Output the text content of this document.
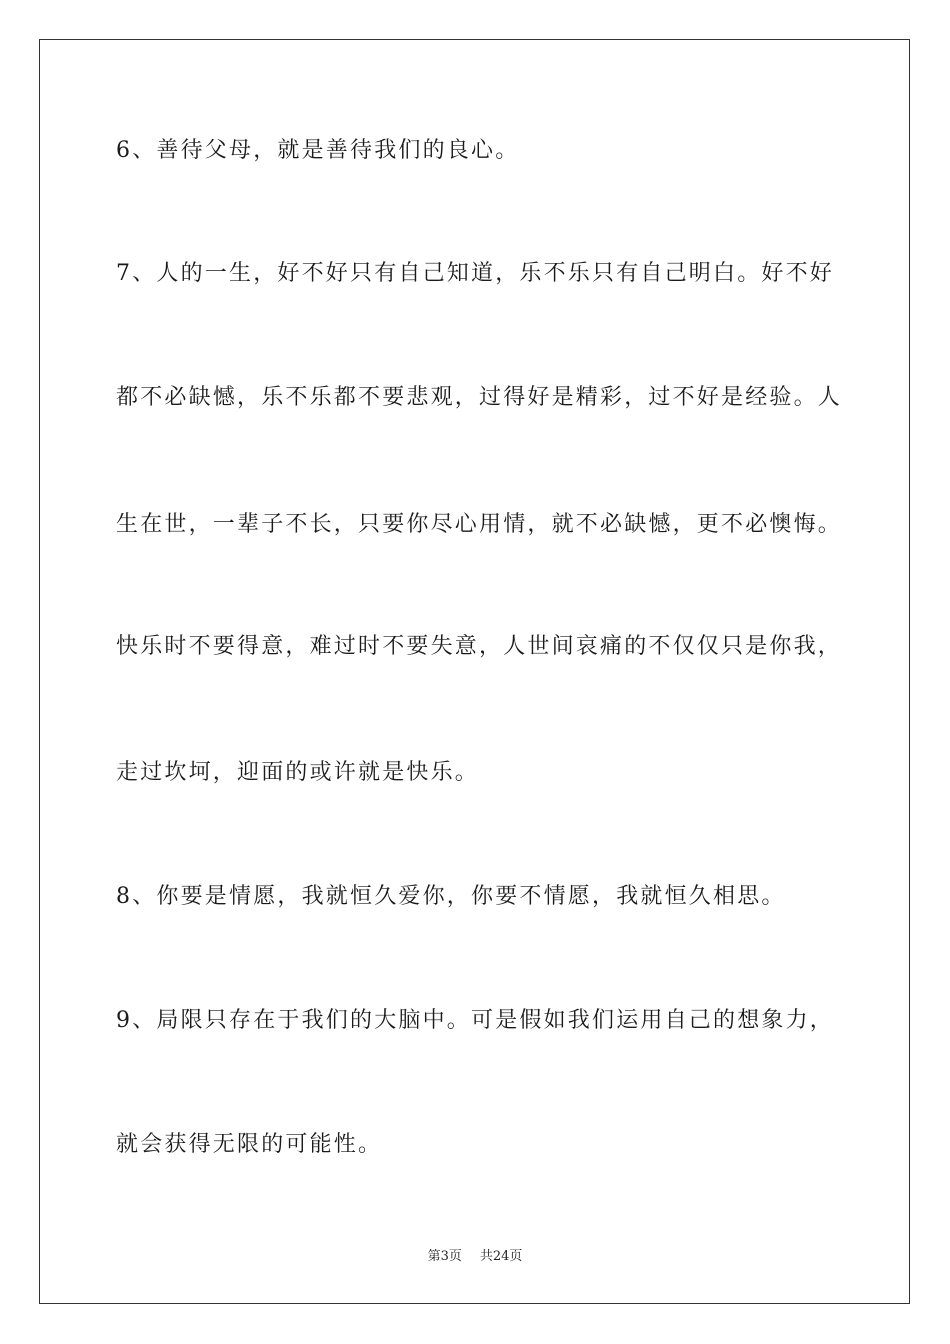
6、善待父母，就是善待我们的良心。
7、人的一生，好不好只有自己知道，乐不乐只有自己明白。好不好
都不必缺憾，乐不乐都不要悲观，过得好是精彩，过不好是经验。人
生在世，一辈子不长，只要你尽心用情，就不必缺憾，更不必懊悔。
快乐时不要得意，难过时不要失意，人世间哀痛的不仅仅只是你我，
走过坎坷，迎面的或许就是快乐。
8、你要是情愿，我就恒久爱你，你要不情愿，我就恒久相思。
9、局限只存在于我们的大脑中。可是假如我们运用自己的想象力，
就会获得无限的可能性。
第3页 共24页
